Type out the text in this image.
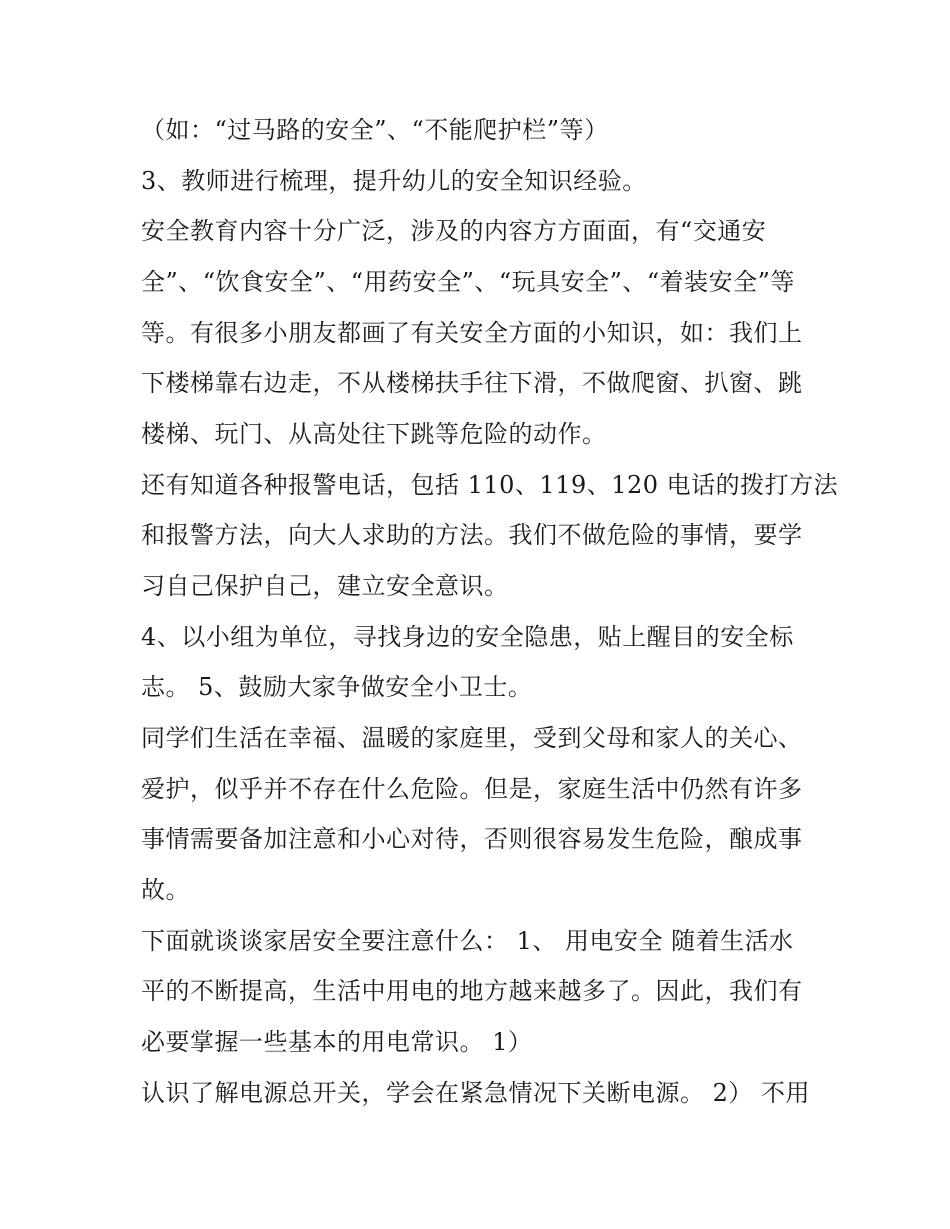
（如：“过马路的安全”、“不能爬护栏”等）
3、教师进行梳理，提升幼儿的安全知识经验。
安全教育内容十分广泛，涉及的内容方方面面，有“交通安
全”、“饮食安全”、“用药安全”、“玩具安全”、“着装安全”等
等。有很多小朋友都画了有关安全方面的小知识，如：我们上
下楼梯靠右边走，不从楼梯扶手往下滑，不做爬窗、扒窗、跳
楼梯、玩门、从高处往下跳等危险的动作。
还有知道各种报警电话，包括 110、119、120 电话的拨打方法
和报警方法，向大人求助的方法。我们不做危险的事情，要学
习自己保护自己，建立安全意识。
4、以小组为单位，寻找身边的安全隐患，贴上醒目的安全标
志。 5、鼓励大家争做安全小卫士。
同学们生活在幸福、温暖的家庭里，受到父母和家人的关心、
爱护，似乎并不存在什么危险。但是，家庭生活中仍然有许多
事情需要备加注意和小心对待，否则很容易发生危险，酿成事
故。
下面就谈谈家居安全要注意什么： 1、 用电安全 随着生活水
平的不断提高，生活中用电的地方越来越多了。因此，我们有
必要掌握一些基本的用电常识。 1）
认识了解电源总开关，学会在紧急情况下关断电源。 2） 不用
